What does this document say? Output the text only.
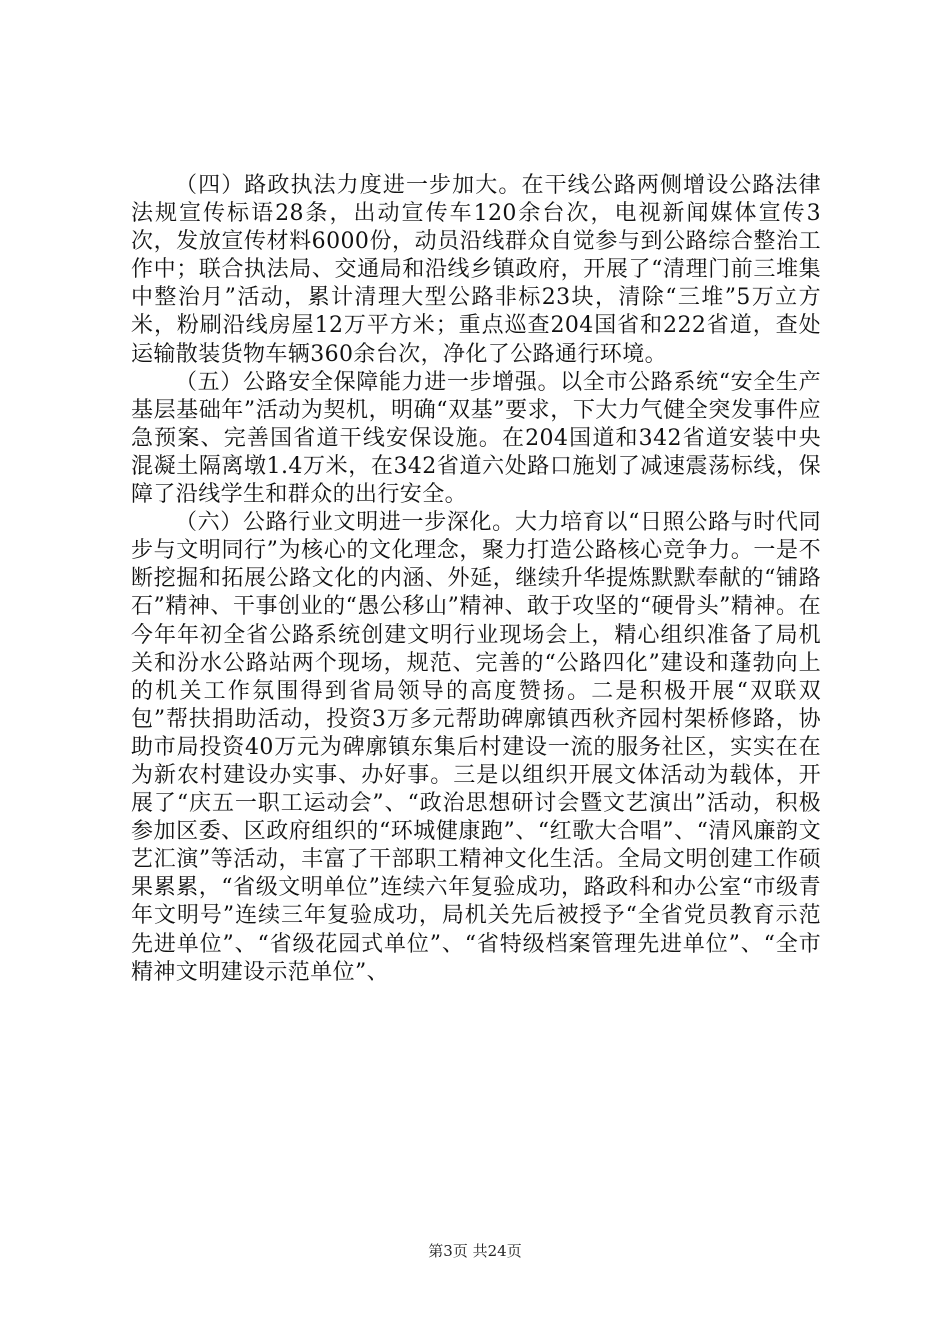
（四）路政执法力度进一步加大。在干线公路两侧增设公路法律法规宣传标语28条，出动宣传车120余台次，电视新闻媒体宣传3次，发放宣传材料6000份，动员沿线群众自觉参与到公路综合整治工作中；联合执法局、交通局和沿线乡镇政府，开展了“清理门前三堆集中整治月”活动，累计清理大型公路非标23块，清除“三堆”5万立方米，粉刷沿线房屋12万平方米；重点巡查204国省和222省道，查处运输散装货物车辆360余台次，净化了公路通行环境。

（五）公路安全保障能力进一步增强。以全市公路系统“安全生产基层基础年”活动为契机，明确“双基”要求，下大力气健全突发事件应急预案、完善国省道干线安保设施。在204国道和342省道安装中央混凝土隔离墩1.4万米，在342省道六处路口施划了减速震荡标线，保障了沿线学生和群众的出行安全。

（六）公路行业文明进一步深化。大力培育以“日照公路与时代同步与文明同行”为核心的文化理念，聚力打造公路核心竞争力。一是不断挖掘和拓展公路文化的内涵、外延，继续升华提炼默默奉献的“铺路石”精神、干事创业的“愚公移山”精神、敢于攻坚的“硬骨头”精神。在今年年初全省公路系统创建文明行业现场会上，精心组织准备了局机关和汾水公路站两个现场，规范、完善的“公路四化”建设和蓬勃向上的机关工作氛围得到省局领导的高度赞扬。二是积极开展“双联双包”帮扶捐助活动，投资3万多元帮助碑廓镇西秋齐园村架桥修路，协助市局投资40万元为碑廓镇东集后村建设一流的服务社区，实实在在为新农村建设办实事、办好事。三是以组织开展文体活动为载体，开展了“庆五一职工运动会”、“政治思想研讨会暨文艺演出”活动，积极参加区委、区政府组织的“环城健康跑”、“红歌大合唱”、“清风廉韵文艺汇演”等活动，丰富了干部职工精神文化生活。全局文明创建工作硕果累累，“省级文明单位”连续六年复验成功，路政科和办公室“市级青年文明号”连续三年复验成功，局机关先后被授予“全省党员教育示范先进单位”、“省级花园式单位”、“省特级档案管理先进单位”、“全市精神文明建设示范单位”、

第3页 共24页
